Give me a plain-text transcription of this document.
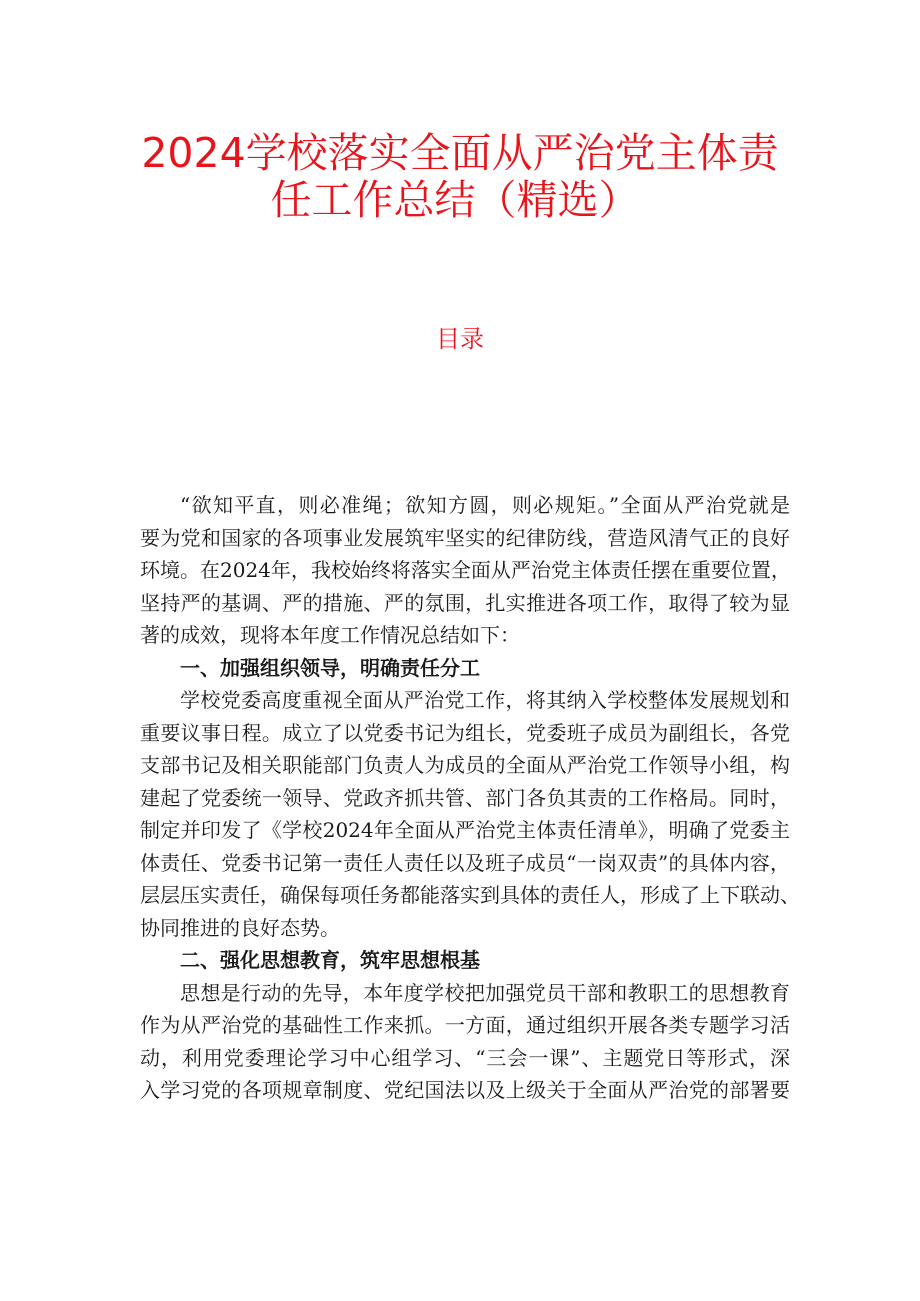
2024学校落实全面从严治党主体责
任工作总结（精选）
目录
“欲知平直，则必准绳；欲知方圆，则必规矩。”全面从严治党就是
要为党和国家的各项事业发展筑牢坚实的纪律防线，营造风清气正的良好
环境。在2024年，我校始终将落实全面从严治党主体责任摆在重要位置，
坚持严的基调、严的措施、严的氛围，扎实推进各项工作，取得了较为显
著的成效，现将本年度工作情况总结如下：
一、加强组织领导，明确责任分工
学校党委高度重视全面从严治党工作，将其纳入学校整体发展规划和
重要议事日程。成立了以党委书记为组长，党委班子成员为副组长，各党
支部书记及相关职能部门负责人为成员的全面从严治党工作领导小组，构
建起了党委统一领导、党政齐抓共管、部门各负其责的工作格局。同时，
制定并印发了《学校2024年全面从严治党主体责任清单》，明确了党委主
体责任、党委书记第一责任人责任以及班子成员“一岗双责”的具体内容，
层层压实责任，确保每项任务都能落实到具体的责任人，形成了上下联动、
协同推进的良好态势。
二、强化思想教育，筑牢思想根基
思想是行动的先导，本年度学校把加强党员干部和教职工的思想教育
作为从严治党的基础性工作来抓。一方面，通过组织开展各类专题学习活
动，利用党委理论学习中心组学习、“三会一课”、主题党日等形式，深
入学习党的各项规章制度、党纪国法以及上级关于全面从严治党的部署要
